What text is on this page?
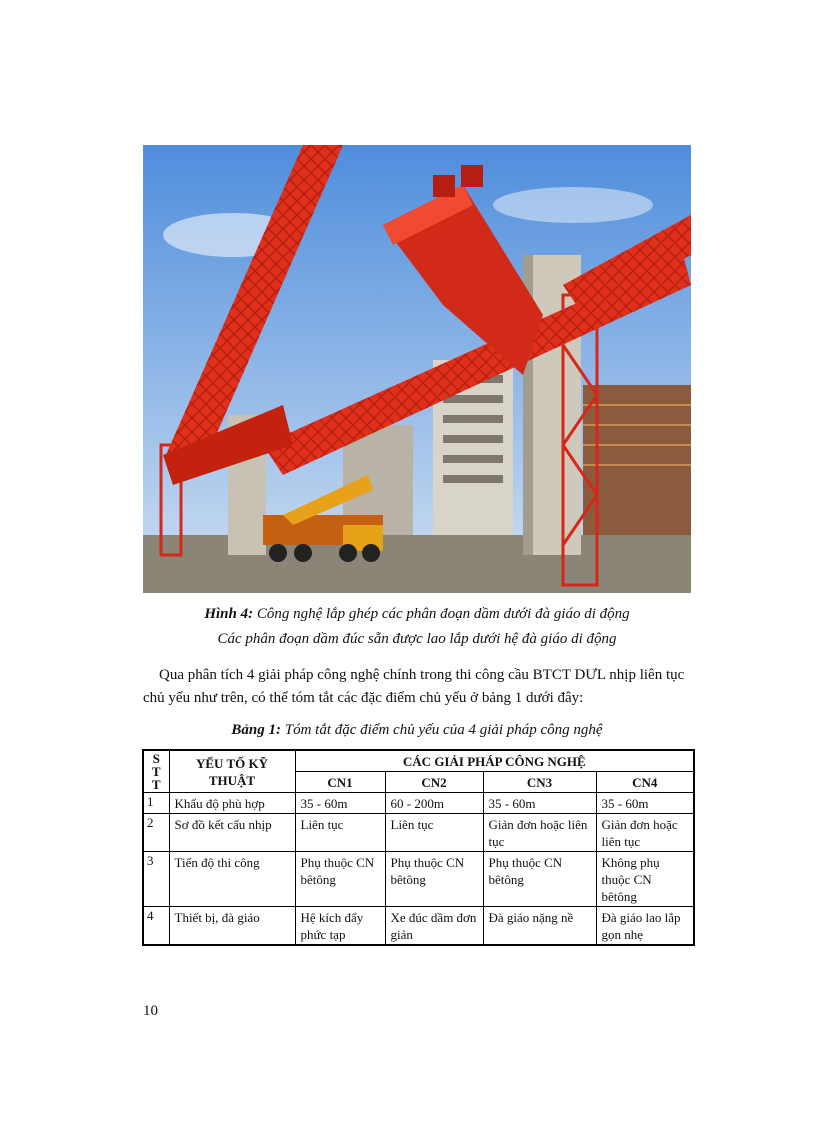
Hình 4: Công nghệ lắp ghép các phân đoạn dầm dưới đà giáo di động
Các phân đoạn dầm đúc sẵn được lao lắp dưới hệ đà giáo di động
Qua phân tích 4 giải pháp công nghệ chính trong thi công cầu BTCT DƯL nhịp liên tục chủ yếu như trên, có thể tóm tắt các đặc điểm chủ yếu ở bảng 1 dưới đây:
Bảng 1: Tóm tắt đặc điểm chủ yếu của 4 giải pháp công nghệ
S
T
T	YẾU TỐ KỸ THUẬT	CÁC GIẢI PHÁP CÔNG NGHỆ			
		CN1	CN2	CN3	CN4
1	Khẩu độ phù hợp	35 - 60m	60 - 200m	35 - 60m	35 - 60m
2	Sơ đồ kết cấu nhịp	Liên tục	Liên tục	Giản đơn hoặc liên tục	Giản đơn hoặc liên tục
3	Tiến độ thi công	Phụ thuộc CN bêtông	Phụ thuộc CN bêtông	Phụ thuộc CN bêtông	Không phụ thuộc CN bêtông
4	Thiết bị, đà giáo	Hệ kích đẩy phức tạp	Xe đúc dầm đơn giản	Đà giáo nặng nề	Đà giáo lao lắp gọn nhẹ
10
